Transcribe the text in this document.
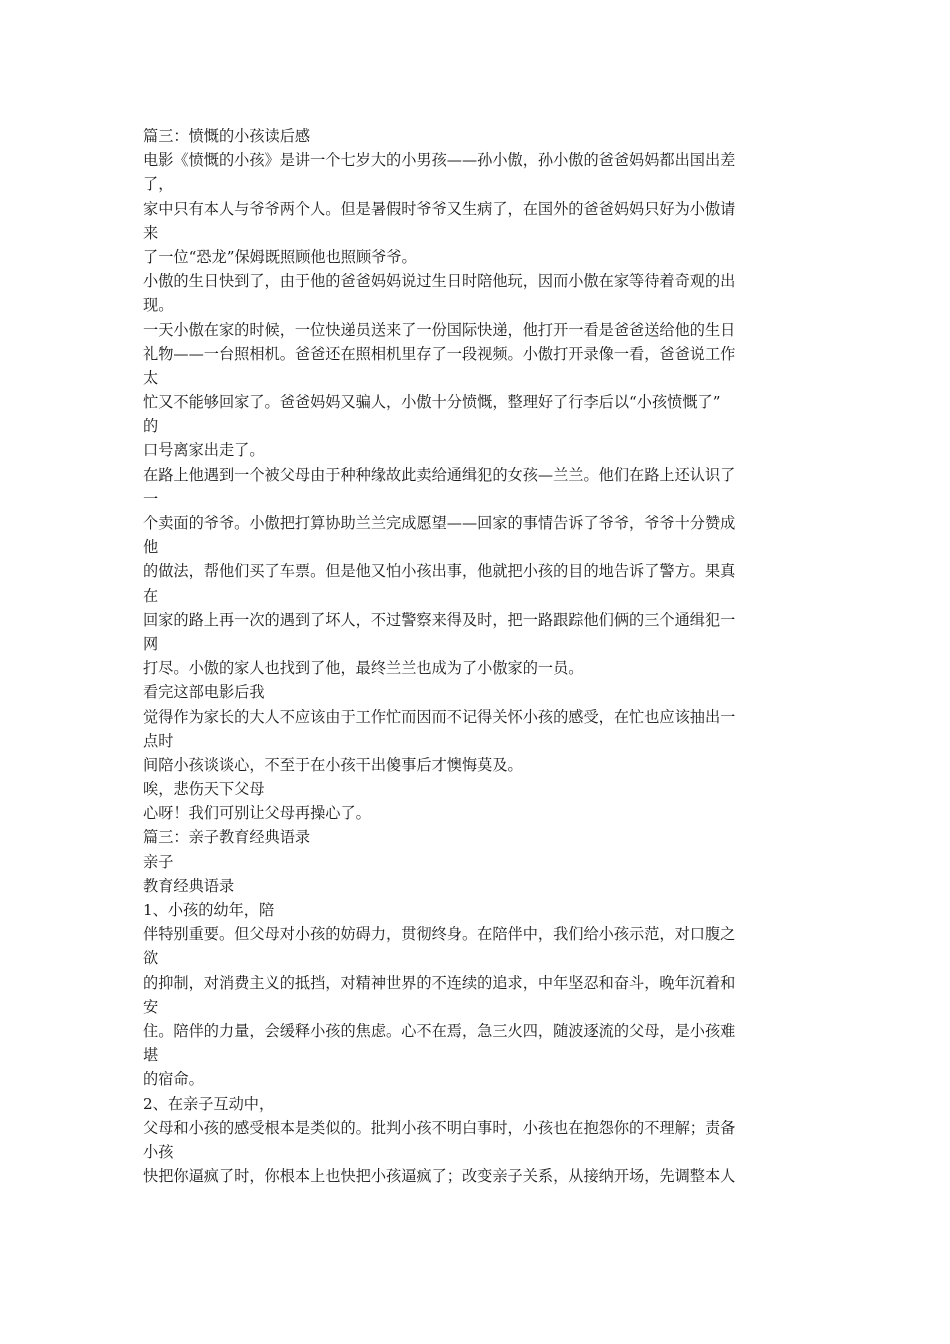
篇三：愤慨的小孩读后感
电影《愤慨的小孩》是讲一个七岁大的小男孩——孙小傲，孙小傲的爸爸妈妈都出国出差
了，
家中只有本人与爷爷两个人。但是暑假时爷爷又生病了，在国外的爸爸妈妈只好为小傲请
来
了一位“恐龙”保姆既照顾他也照顾爷爷。
小傲的生日快到了，由于他的爸爸妈妈说过生日时陪他玩，因而小傲在家等待着奇观的出
现。
一天小傲在家的时候，一位快递员送来了一份国际快递，他打开一看是爸爸送给他的生日
礼物——一台照相机。爸爸还在照相机里存了一段视频。小傲打开录像一看，爸爸说工作
太
忙又不能够回家了。爸爸妈妈又骗人，小傲十分愤慨，整理好了行李后以“小孩愤慨了”
的
口号离家出走了。
在路上他遇到一个被父母由于种种缘故此卖给通缉犯的女孩—兰兰。他们在路上还认识了
一
个卖面的爷爷。小傲把打算协助兰兰完成愿望——回家的事情告诉了爷爷，爷爷十分赞成
他
的做法，帮他们买了车票。但是他又怕小孩出事，他就把小孩的目的地告诉了警方。果真
在
回家的路上再一次的遇到了坏人，不过警察来得及时，把一路跟踪他们俩的三个通缉犯一
网
打尽。小傲的家人也找到了他，最终兰兰也成为了小傲家的一员。
看完这部电影后我
觉得作为家长的大人不应该由于工作忙而因而不记得关怀小孩的感受，在忙也应该抽出一
点时
间陪小孩谈谈心，不至于在小孩干出傻事后才懊悔莫及。
唉，悲伤天下父母
心呀！我们可别让父母再操心了。
篇三：亲子教育经典语录
亲子
教育经典语录
1、小孩的幼年，陪
伴特别重要。但父母对小孩的妨碍力，贯彻终身。在陪伴中，我们给小孩示范，对口腹之
欲
的抑制，对消费主义的抵挡，对精神世界的不连续的追求，中年坚忍和奋斗，晚年沉着和
安
住。陪伴的力量，会缓释小孩的焦虑。心不在焉，急三火四，随波逐流的父母，是小孩难
堪
的宿命。
2、在亲子互动中，
父母和小孩的感受根本是类似的。批判小孩不明白事时，小孩也在抱怨你的不理解；责备
小孩
快把你逼疯了时，你根本上也快把小孩逼疯了；改变亲子关系，从接纳开场，先调整本人
